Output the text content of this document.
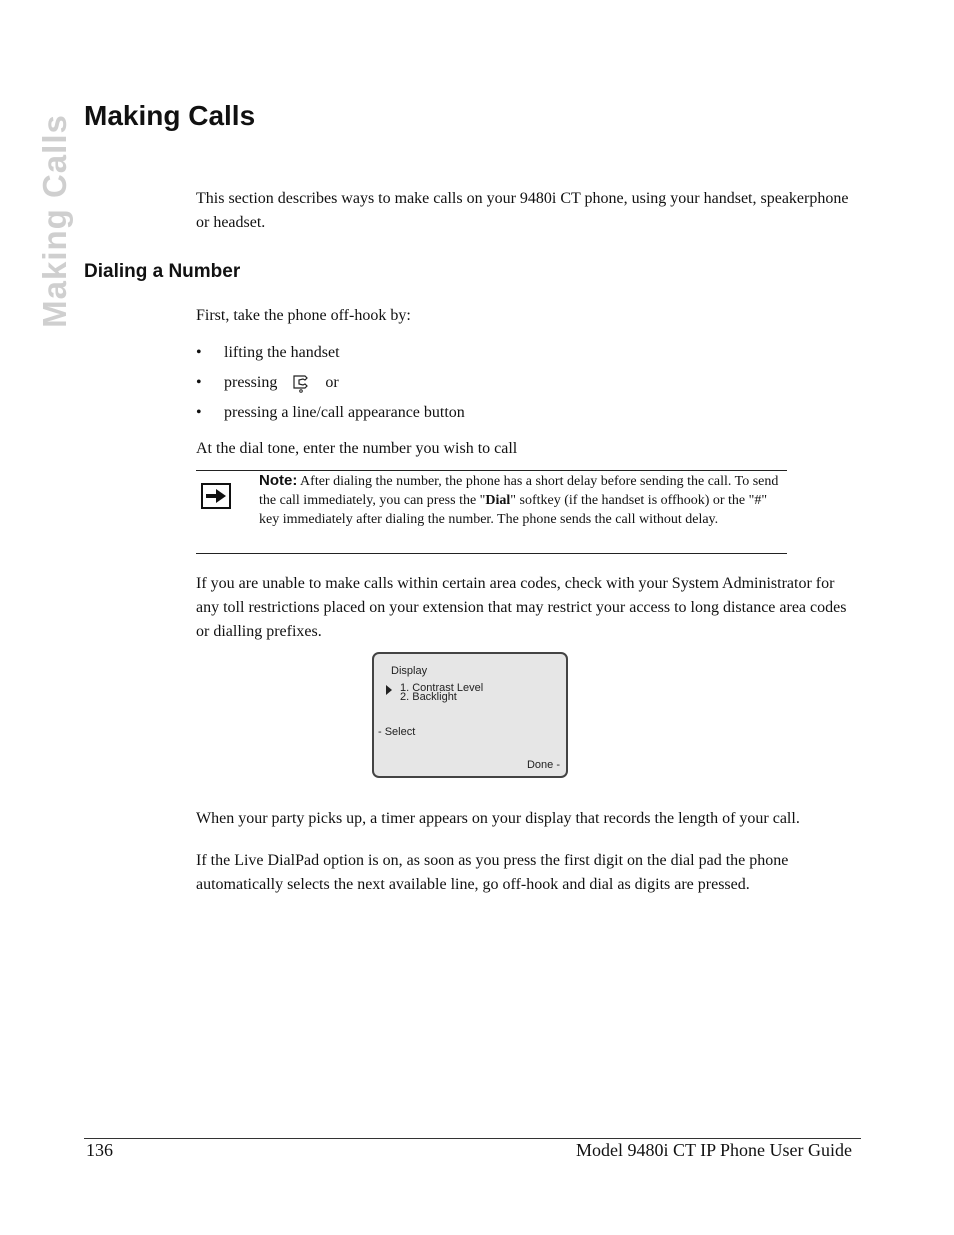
Making Calls Making Calls

This section describes ways to make calls on your 9480i CT phone, using your handset, speakerphone or headset.

Dialing a Number

First, take the phone off-hook by:

•	lifting the handset
•	pressing	or
•	pressing a line/call appearance button

At the dial tone, enter the number you wish to call

Note: After dialing the number, the phone has a short delay before sending the call. To send the call immediately, you can press the "Dial" softkey (if the handset is offhook) or the "#" key immediately after dialing the number. The phone sends the call without delay.

If you are unable to make calls within certain area codes, check with your System Administrator for any toll restrictions placed on your extension that may restrict your access to long distance area codes or dialling prefixes.

Display
1. Contrast Level
2. Backlight
- Select
Done -

When your party picks up, a timer appears on your display that records the length of your call.

If the Live DialPad option is on, as soon as you press the first digit on the dial pad the phone automatically selects the next available line, go off-hook and dial as digits are pressed.

136	Model 9480i CT IP Phone User Guide
